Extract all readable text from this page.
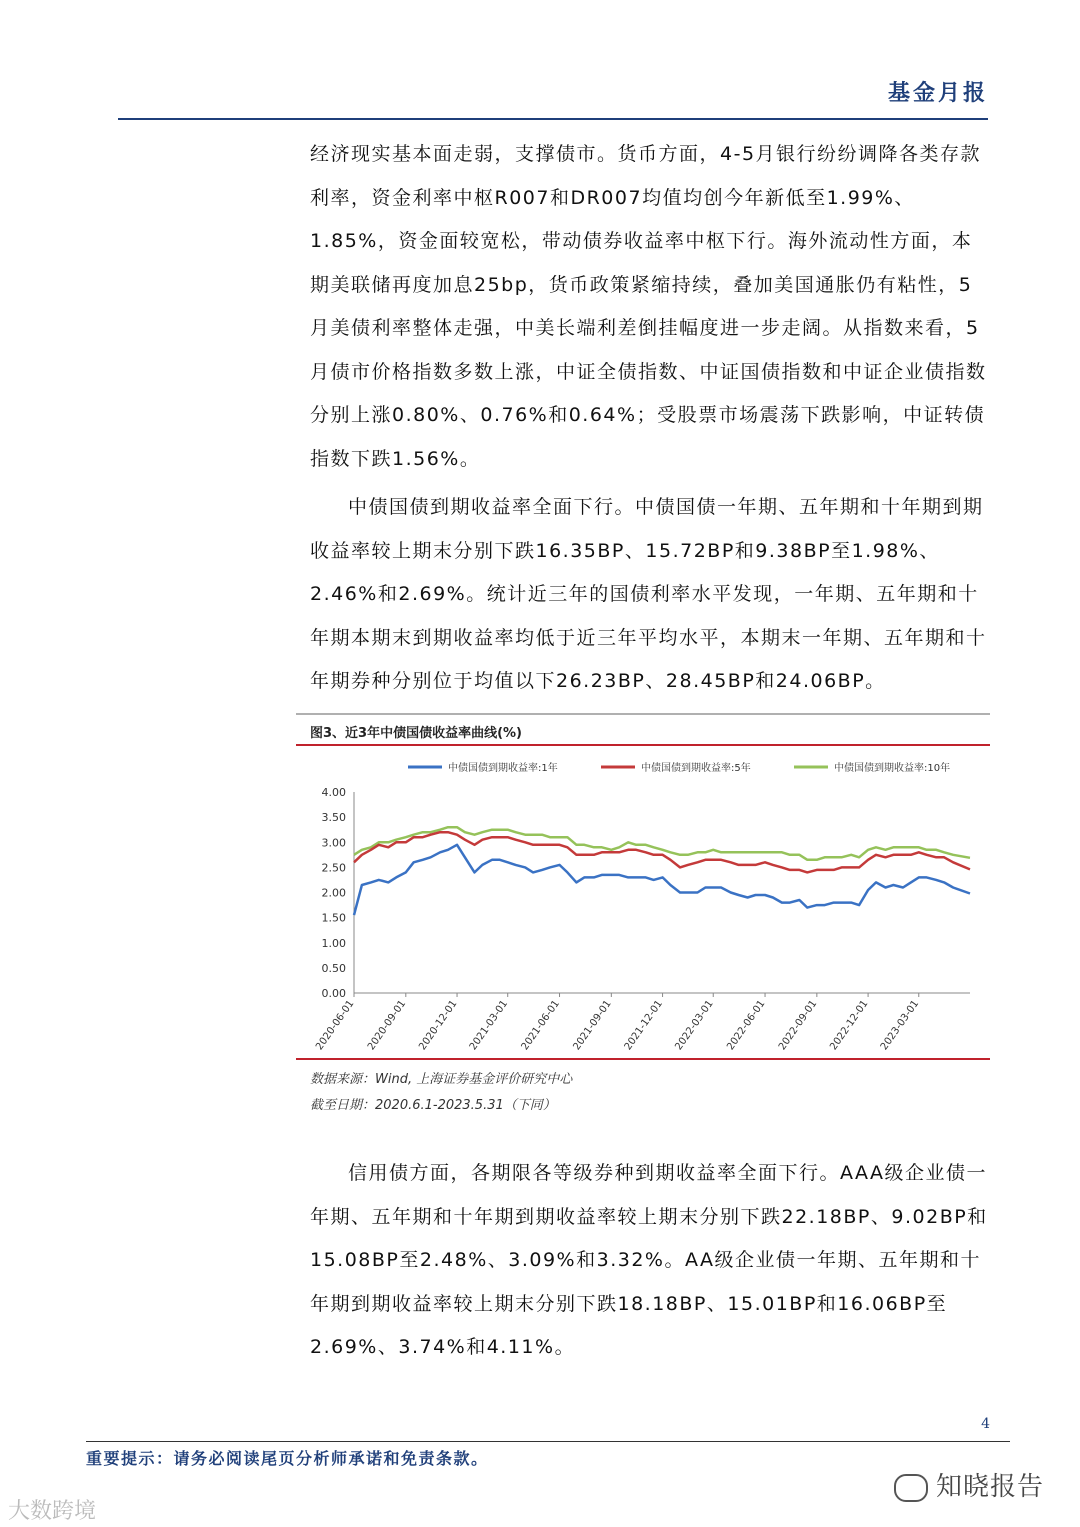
基金月报

经济现实基本面走弱，支撑债市。货币方面，4-5月银行纷纷调降各类存款利率，资金利率中枢R007和DR007均值均创今年新低至1.99%、1.85%，资金面较宽松，带动债券收益率中枢下行。海外流动性方面，本期美联储再度加息25bp，货币政策紧缩持续，叠加美国通胀仍有粘性，5月美债利率整体走强，中美长端利差倒挂幅度进一步走阔。从指数来看，5月债市价格指数多数上涨，中证全债指数、中证国债指数和中证企业债指数分别上涨0.80%、0.76%和0.64%；受股票市场震荡下跌影响，中证转债指数下跌1.56%。

中债国债到期收益率全面下行。中债国债一年期、五年期和十年期到期收益率较上期末分别下跌16.35BP、15.72BP和9.38BP至1.98%、2.46%和2.69%。统计近三年的国债利率水平发现，一年期、五年期和十年期本期末到期收益率均低于近三年平均水平，本期末一年期、五年期和十年期券种分别位于均值以下26.23BP、28.45BP和24.06BP。

图3、近3年中债国债收益率曲线(%)
4.00
3.50
3.00
2.50
2.00
1.50
1.00
0.50
0.00
2020-06-01 2020-09-01 2020-12-01 2021-03-01 2021-06-01 2021-09-01 2021-12-01 2022-03-01 2022-06-01 2022-09-01 2022-12-01 2023-03-01
中债国债到期收益率:1年	中债国债到期收益率:5年	中债国债到期收益率:10年
数据来源：Wind, 上海证券基金评价研究中心
截至日期：2020.6.1-2023.5.31（下同）

信用债方面，各期限各等级券种到期收益率全面下行。AAA级企业债一年期、五年期和十年期到期收益率较上期末分别下跌22.18BP、9.02BP和15.08BP至2.48%、3.09%和3.32%。AA级企业债一年期、五年期和十年期到期收益率较上期末分别下跌18.18BP、15.01BP和16.06BP至2.69%、3.74%和4.11%。

4
重要提示：请务必阅读尾页分析师承诺和免责条款。
知晓报告
大数跨境
